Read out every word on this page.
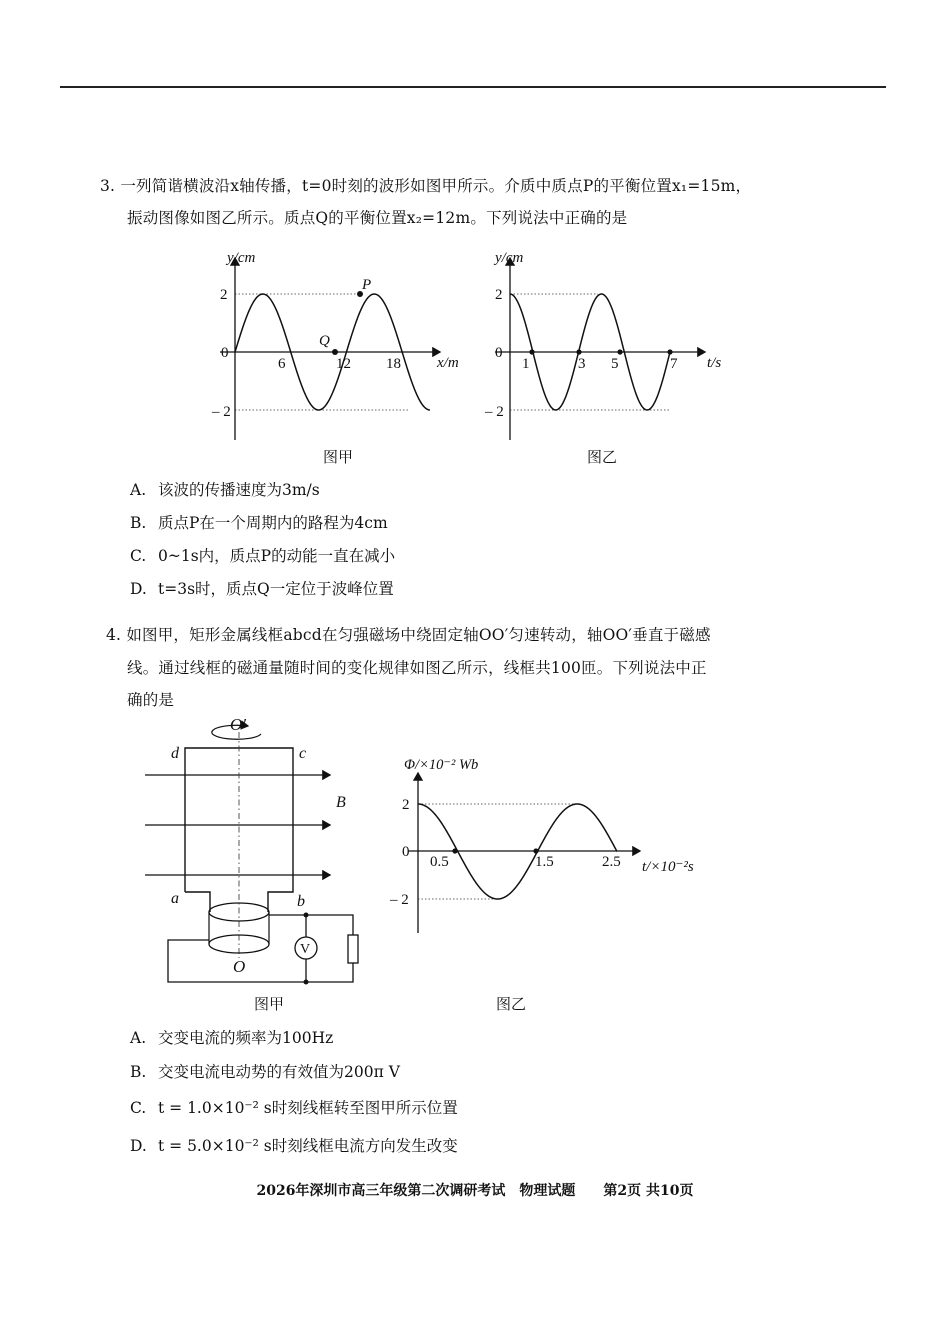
3. 一列简谐横波沿x轴传播，t=0时刻的波形如图甲所示。介质中质点P的平衡位置x₁=15m，
振动图像如图乙所示。质点Q的平衡位置x₂=12m。下列说法中正确的是
y/cm
2
0
– 2
6	12 18 x/m
P
Q
图甲
y/cm
2
0
– 2
1	3 5	7 t/s
图乙
A. 该波的传播速度为3m/s
B. 质点P在一个周期内的路程为4cm
C. 0~1s内，质点P的动能一直在减小
D. t=3s时，质点Q一定位于波峰位置
4. 如图甲，矩形金属线框abcd在匀强磁场中绕固定轴OO′匀速转动，轴OO′垂直于磁感
线。通过线框的磁通量随时间的变化规律如图乙所示，线框共100匝。下列说法中正
确的是
V
O′
O
d	c
a	b
B
图甲
Φ/×10⁻² Wb
2
0
– 2
0.5	1.5	2.5 t/×10⁻²s
图乙
A. 交变电流的频率为100Hz
B. 交变电流电动势的有效值为200π V
C. t = 1.0×10⁻² s时刻线框转至图甲所示位置
D. t = 5.0×10⁻² s时刻线框电流方向发生改变
2026年深圳市高三年级第二次调研考试　物理试题　　第2页 共10页
